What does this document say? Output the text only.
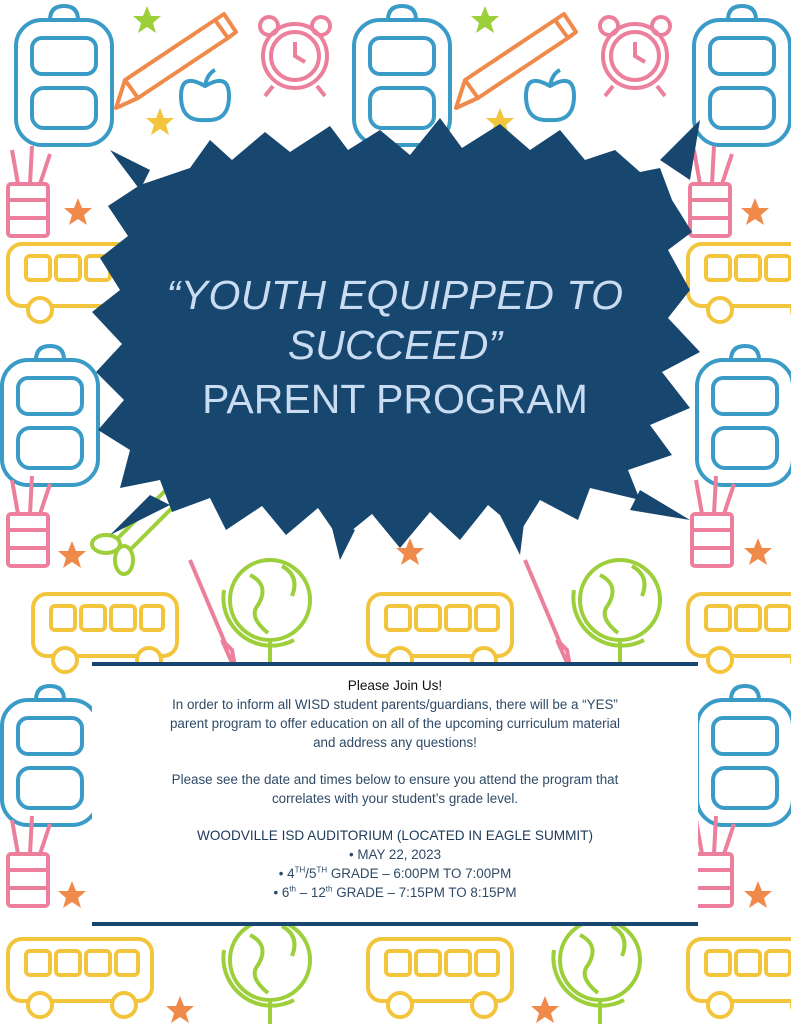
“YOUTH EQUIPPED TO
SUCCEED”
PARENT PROGRAM

Please Join Us!

In order to inform all WISD student parents/guardians, there will be a “YES”

parent program to offer education on all of the upcoming curriculum material

and address any questions!

Please see the date and times below to ensure you attend the program that

correlates with your student’s grade level.

WOODVILLE ISD AUDITORIUM (LOCATED IN EAGLE SUMMIT)

• MAY 22, 2023

• 4TH/5TH GRADE – 6:00PM TO 7:00PM

• 6th – 12th GRADE – 7:15PM TO 8:15PM
